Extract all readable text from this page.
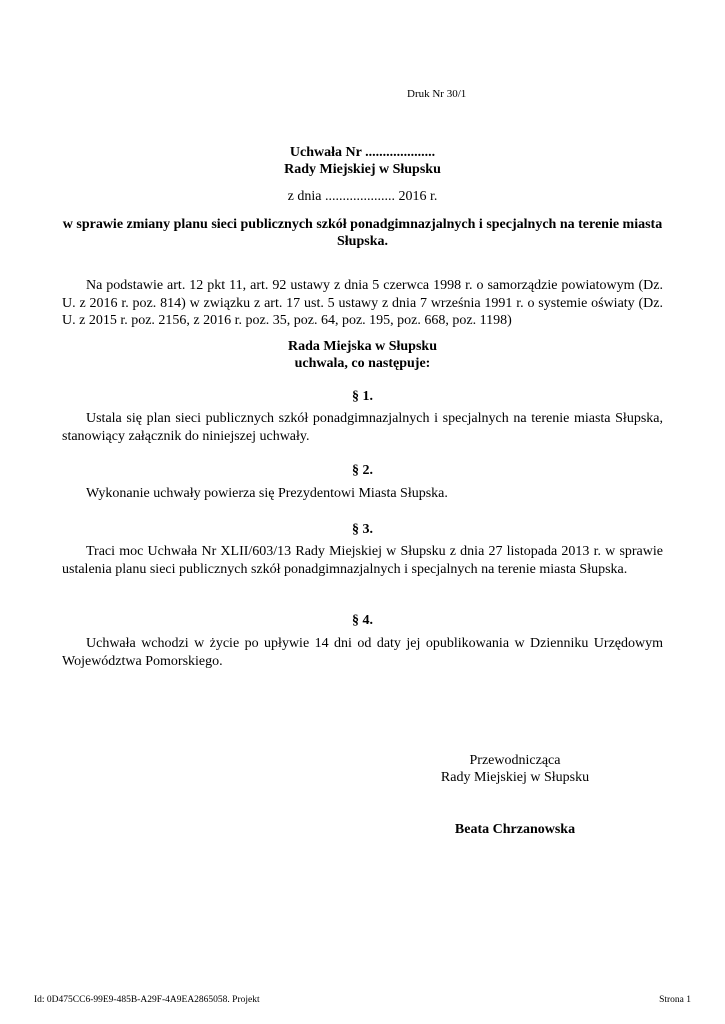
Druk Nr 30/1
Uchwała Nr ....................
Rady Miejskiej w Słupsku
z dnia .................... 2016 r.
w sprawie zmiany planu sieci publicznych szkół ponadgimnazjalnych i specjalnych na terenie miasta Słupska.
Na podstawie art. 12 pkt 11, art. 92 ustawy z dnia 5 czerwca 1998 r. o samorządzie powiatowym (Dz. U. z 2016 r. poz. 814) w związku z art. 17 ust. 5 ustawy z dnia 7 września 1991 r. o systemie oświaty (Dz. U. z 2015 r. poz. 2156, z 2016 r. poz. 35, poz. 64, poz. 195, poz. 668, poz. 1198)
Rada Miejska w Słupsku
uchwala, co następuje:
§ 1.
Ustala się plan sieci publicznych szkół ponadgimnazjalnych i specjalnych na terenie miasta Słupska, stanowiący załącznik do niniejszej uchwały.
§ 2.
Wykonanie uchwały powierza się Prezydentowi Miasta Słupska.
§ 3.
Traci moc Uchwała Nr XLII/603/13 Rady Miejskiej w Słupsku z dnia 27 listopada 2013 r. w sprawie ustalenia planu sieci publicznych szkół ponadgimnazjalnych i specjalnych na terenie miasta Słupska.
§ 4.
Uchwała wchodzi w życie po upływie 14 dni od daty jej opublikowania w Dzienniku Urzędowym Województwa Pomorskiego.
Przewodnicząca
Rady Miejskiej w Słupsku
Beata Chrzanowska
Id: 0D475CC6-99E9-485B-A29F-4A9EA2865058. Projekt	Strona 1
